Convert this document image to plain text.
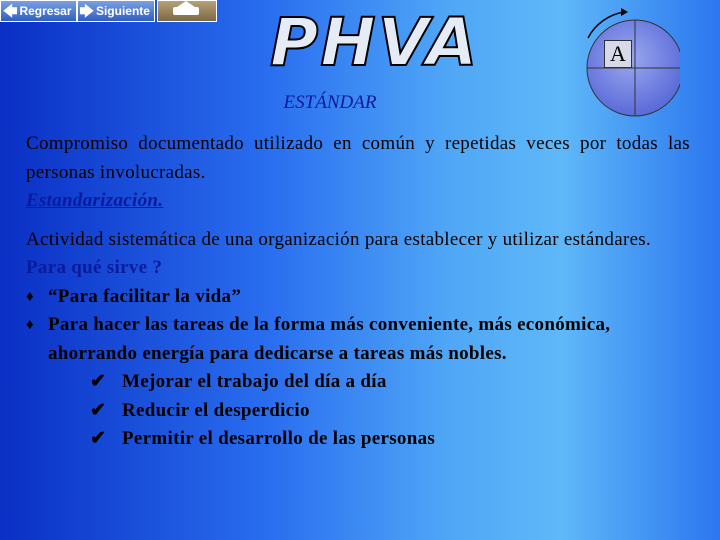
🡄 Regresar 🡆 Siguiente PHVA	A
ESTÁNDAR
Compromiso documentado utilizado en común y repetidas veces por todas las personas involucradas.
Estandarización.
Actividad sistemática de una organización para establecer y utilizar estándares.
Para qué sirve ?
♦ “Para facilitar la vida”
♦ Para hacer las tareas de la forma más conveniente, más económica, ahorrando energía para dedicarse a tareas más nobles.
✔ Mejorar el trabajo del día a día
✔ Reducir el desperdicio
✔ Permitir el desarrollo de las personas
